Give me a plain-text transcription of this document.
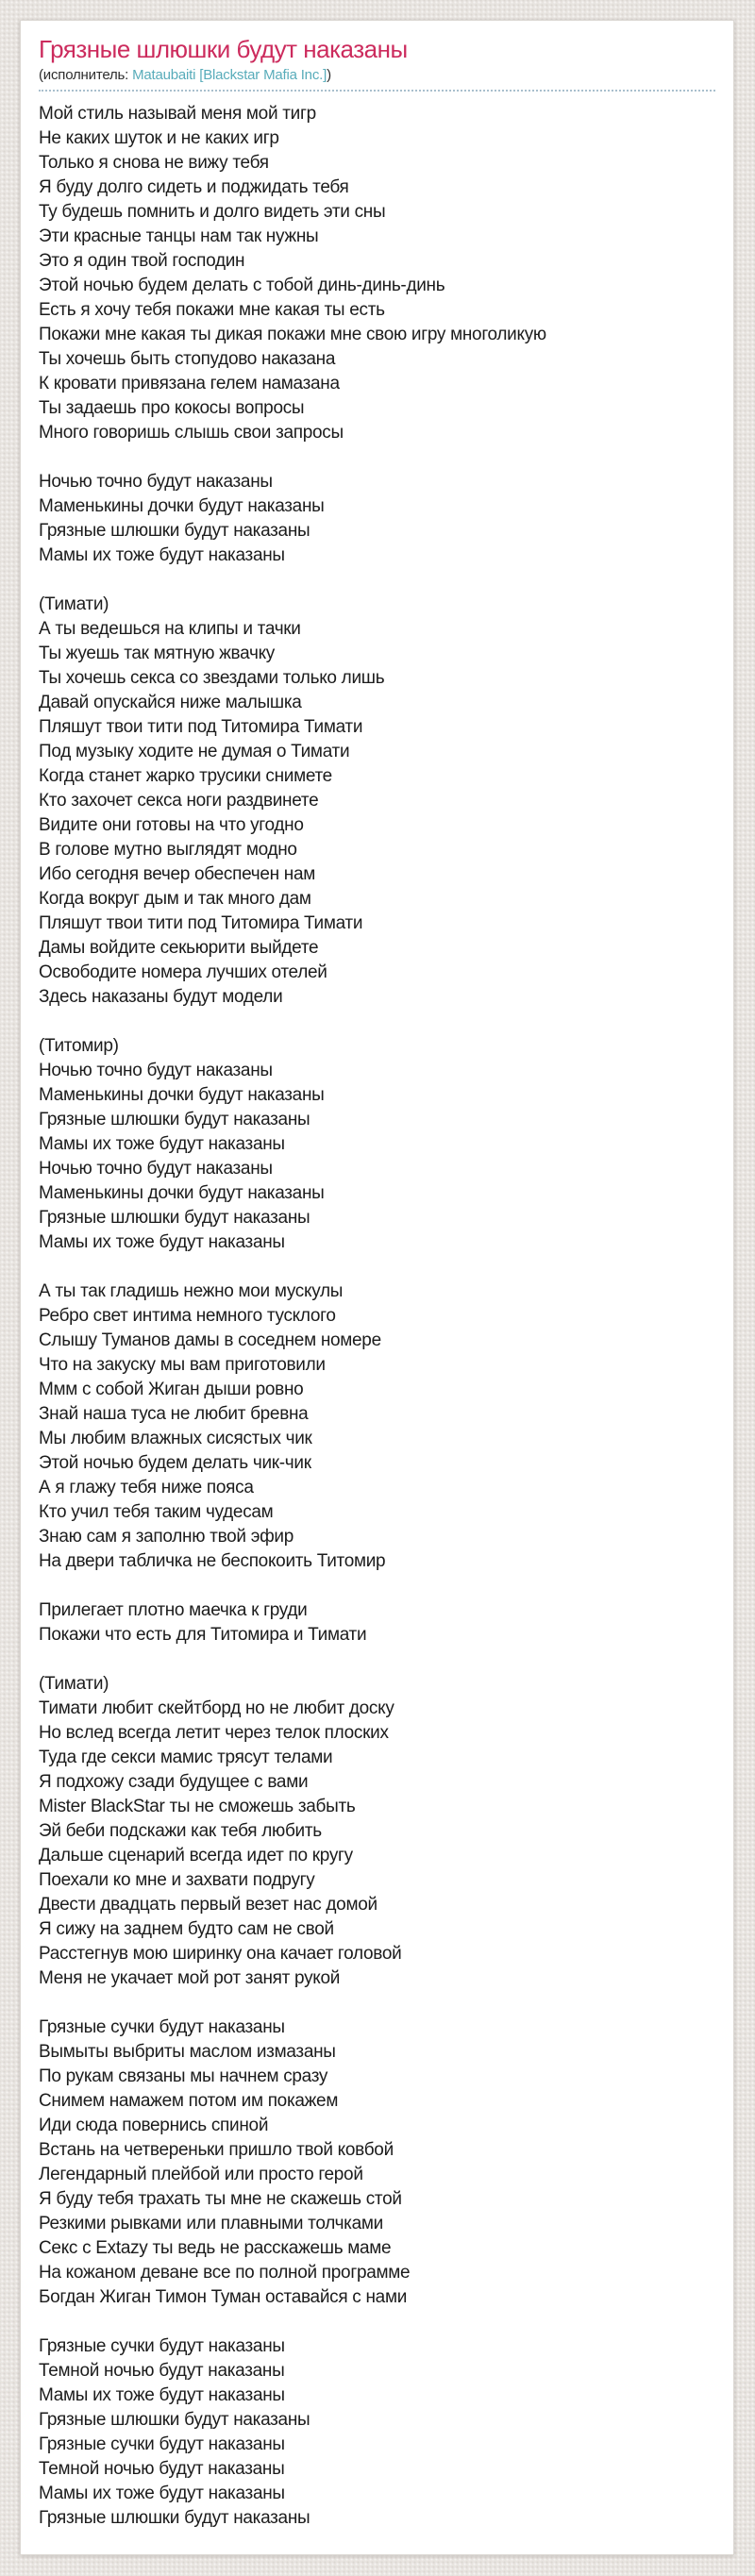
Грязные шлюшки будут наказаны
(исполнитель: Mataubaiti [Blackstar Mafia Inc.])
Мой стиль называй меня мой тигр
Не каких шуток и не каких игр
Только я снова не вижу тебя
Я буду долго сидеть и поджидать тебя
Ту будешь помнить и долго видеть эти сны
Эти красные танцы нам так нужны
Это я один твой господин
Этой ночью будем делать с тобой динь-динь-динь
Есть я хочу тебя покажи мне какая ты есть
Покажи мне какая ты дикая покажи мне свою игру многоликую
Ты хочешь быть стопудово наказана
К кровати привязана гелем намазана
Ты задаешь про кокосы вопросы
Много говоришь слышь свои запросы
Ночью точно будут наказаны
Маменькины дочки будут наказаны
Грязные шлюшки будут наказаны
Мамы их тоже будут наказаны
(Тимати)
А ты ведешься на клипы и тачки
Ты жуешь так мятную жвачку
Ты хочешь секса со звездами только лишь
Давай опускайся ниже малышка
Пляшут твои тити под Титомира Тимати
Под музыку ходите не думая о Тимати
Когда станет жарко трусики снимете
Кто захочет секса ноги раздвинете
Видите они готовы на что угодно
В голове мутно выглядят модно
Ибо сегодня вечер обеспечен нам
Когда вокруг дым и так много дам
Пляшут твои тити под Титомира Тимати
Дамы войдите секьюрити выйдете
Освободите номера лучших отелей
Здесь наказаны будут модели
(Титомир)
Ночью точно будут наказаны
Маменькины дочки будут наказаны
Грязные шлюшки будут наказаны
Мамы их тоже будут наказаны
Ночью точно будут наказаны
Маменькины дочки будут наказаны
Грязные шлюшки будут наказаны
Мамы их тоже будут наказаны
А ты так гладишь нежно мои мускулы
Ребро свет интима немного тусклого
Слышу Туманов дамы в соседнем номере
Что на закуску мы вам приготовили
Ммм с собой Жиган дыши ровно
Знай наша туса не любит бревна
Мы любим влажных сисястых чик
Этой ночью будем делать чик-чик
А я глажу тебя ниже пояса
Кто учил тебя таким чудесам
Знаю сам я заполню твой эфир
На двери табличка не беспокоить Титомир
Прилегает плотно маечка к груди
Покажи что есть для Титомира и Тимати
(Тимати)
Тимати любит скейтборд но не любит доску
Но вслед всегда летит через телок плоских
Туда где секси мамис трясут телами
Я подхожу сзади будущее с вами
Mister BlackStar ты не сможешь забыть
Эй беби подскажи как тебя любить
Дальше сценарий всегда идет по кругу
Поехали ко мне и захвати подругу
Двести двадцать первый везет нас домой
Я сижу на заднем будто сам не свой
Расстегнув мою ширинку она качает головой
Меня не укачает мой рот занят рукой
Грязные сучки будут наказаны
Вымыты выбриты маслом измазаны
По рукам связаны мы начнем сразу
Снимем намажем потом им покажем
Иди сюда повернись спиной
Встань на четвереньки пришло твой ковбой
Легендарный плейбой или просто герой
Я буду тебя трахать ты мне не скажешь стой
Резкими рывками или плавными толчками
Секс с Extazy ты ведь не расскажешь маме
На кожаном деване все по полной программе
Богдан Жиган Тимон Туман оставайся с нами
Грязные сучки будут наказаны
Темной ночью будут наказаны
Мамы их тоже будут наказаны
Грязные шлюшки будут наказаны
Грязные сучки будут наказаны
Темной ночью будут наказаны
Мамы их тоже будут наказаны
Грязные шлюшки будут наказаны
